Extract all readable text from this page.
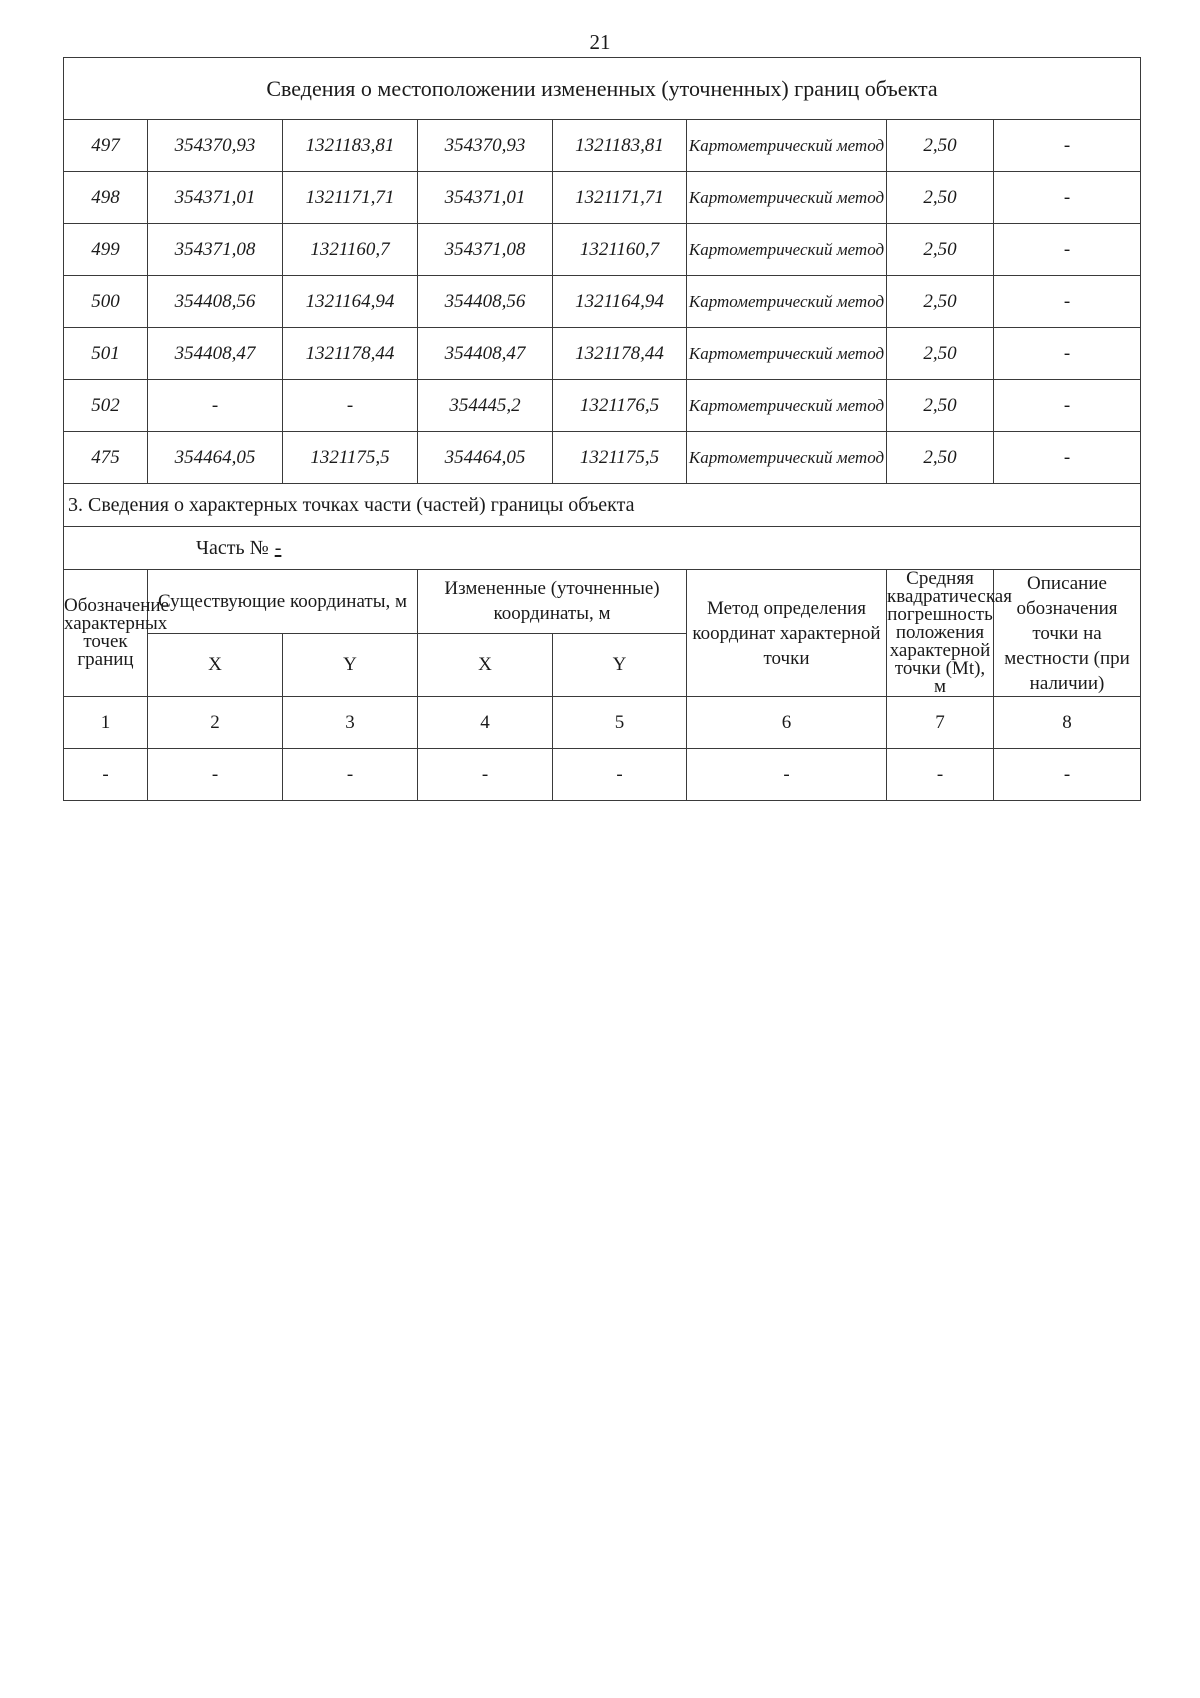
21
Сведения о местоположении измененных (уточненных) границ объекта							
497	354370,93	1321183,81	354370,93	1321183,81	Картометрический метод	2,50	-
498	354371,01	1321171,71	354371,01	1321171,71	Картометрический метод	2,50	-
499	354371,08	1321160,7	354371,08	1321160,7	Картометрический метод	2,50	-
500	354408,56	1321164,94	354408,56	1321164,94	Картометрический метод	2,50	-
501	354408,47	1321178,44	354408,47	1321178,44	Картометрический метод	2,50	-
502	-	-	354445,2	1321176,5	Картометрический метод	2,50	-
475	354464,05	1321175,5	354464,05	1321175,5	Картометрический метод	2,50	-
3. Сведения о характерных точках части (частей) границы объекта							
Часть № -							
Обозначение характерных точек границ	Существующие координаты, м		Измененные (уточненные) координаты, м		Метод определения координат характерной точки	Средняя квадратическая погрешность положения характерной точки (Mt), м	Описание обозначения точки на местности (при наличии)
	X	Y	X	Y			
1	2	3	4	5	6	7	8
-	-	-	-	-	-	-	-
